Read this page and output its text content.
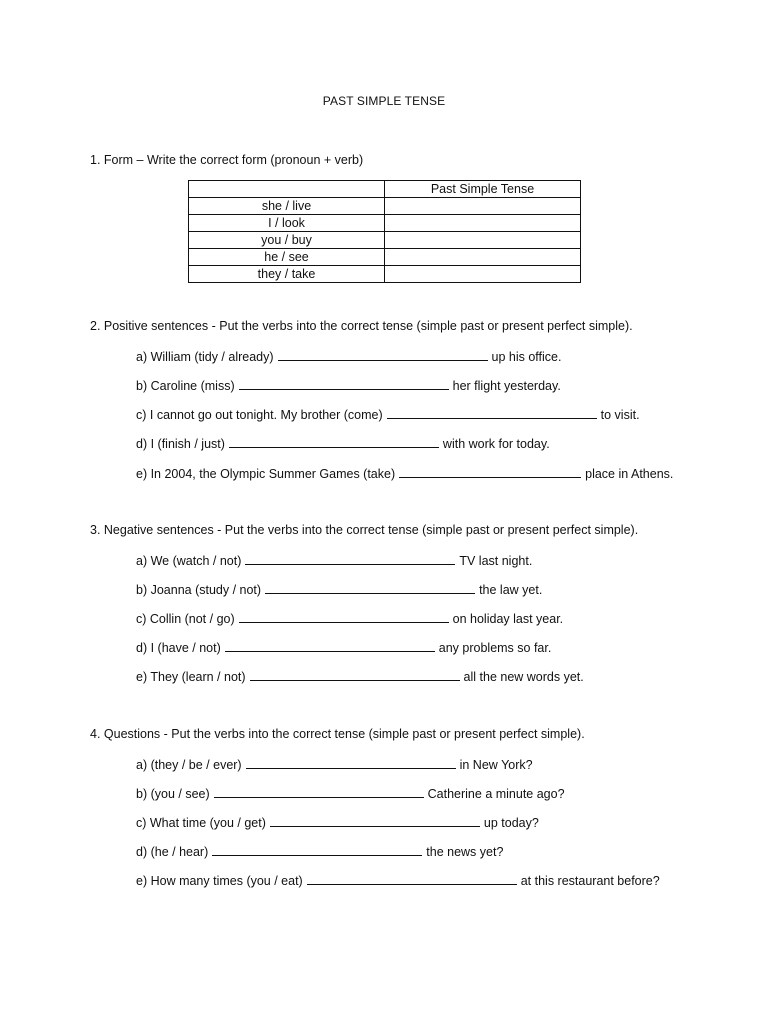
PAST SIMPLE TENSE
1. Form – Write the correct form (pronoun + verb)
	Past Simple Tense
she / live	
I / look	
you / buy	
he / see	
they / take	
2. Positive sentences - Put the verbs into the correct tense (simple past or present perfect simple).
a) William (tidy / already)	up his office.
b) Caroline (miss)	her flight yesterday.
c) I cannot go out tonight. My brother (come)	to visit.
d) I (finish / just)	with work for today.
e) In 2004, the Olympic Summer Games (take)	place in Athens.
3. Negative sentences - Put the verbs into the correct tense (simple past or present perfect simple).
a) We (watch / not)	TV last night.
b) Joanna (study / not)	the law yet.
c) Collin (not / go)	on holiday last year.
d) I (have / not)	any problems so far.
e) They (learn / not)	all the new words yet.
4. Questions - Put the verbs into the correct tense (simple past or present perfect simple).
a) (they / be / ever)	in New York?
b) (you / see)	Catherine a minute ago?
c) What time (you / get)	up today?
d) (he / hear)	the news yet?
e) How many times (you / eat)	at this restaurant before?
